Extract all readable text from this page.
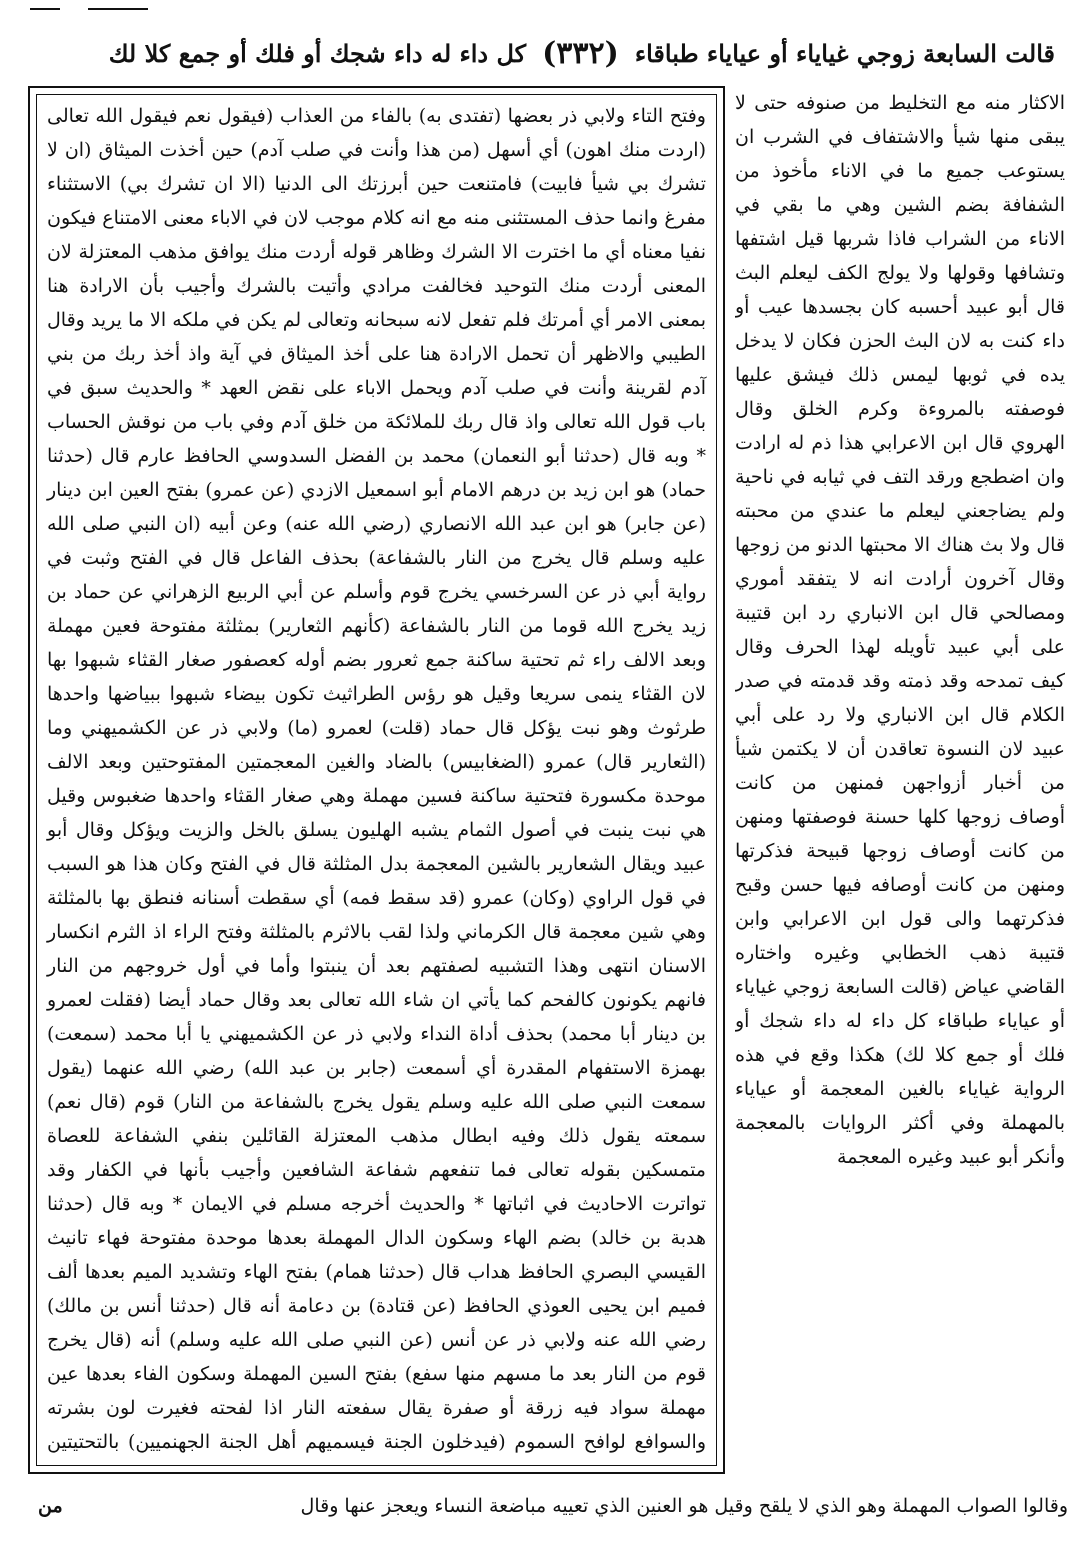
قالت السابعة زوجي غياياء أو عياياء طباقاء
(٣٣٢)
كل داء له داء شجك أو فلك أو جمع كلا لك

وفتح التاء ولابي ذر بعضها (تفتدى به) بالفاء من العذاب (فيقول نعم فيقول الله تعالى (اردت منك اهون) أي أسهل (من هذا وأنت في صلب آدم) حين أخذت الميثاق (ان لا تشرك بي شيأ فابيت) فامتنعت حين أبرزتك الى الدنيا (الا ان تشرك بي) الاستثناء مفرغ وانما حذف المستثنى منه مع انه كلام موجب لان في الاباء معنى الامتناع فيكون نفيا معناه أي ما اخترت الا الشرك وظاهر قوله أردت منك يوافق مذهب المعتزلة لان المعنى أردت منك التوحيد فخالفت مرادي وأتيت بالشرك وأجيب بأن الارادة هنا بمعنى الامر أي أمرتك فلم تفعل لانه سبحانه وتعالى لم يكن في ملكه الا ما يريد وقال الطيبي والاظهر أن تحمل الارادة هنا على أخذ الميثاق في آية واذ أخذ ربك من بني آدم لقرينة وأنت في صلب آدم ويحمل الاباء على نقض العهد * والحديث سبق في باب قول الله تعالى واذ قال ربك للملائكة من خلق آدم وفي باب من نوقش الحساب * وبه قال (حدثنا أبو النعمان) محمد بن الفضل السدوسي الحافظ عارم قال (حدثنا حماد) هو ابن زيد بن درهم الامام أبو اسمعيل الازدي (عن عمرو) بفتح العين ابن دينار (عن جابر) هو ابن عبد الله الانصاري (رضي الله عنه) وعن أبيه (ان النبي صلى الله عليه وسلم قال يخرج من النار بالشفاعة) بحذف الفاعل قال في الفتح وثبت في رواية أبي ذر عن السرخسي يخرج قوم وأسلم عن أبي الربيع الزهراني عن حماد بن زيد يخرج الله قوما من النار بالشفاعة (كأنهم الثعارير) بمثلثة مفتوحة فعين مهملة وبعد الالف راء ثم تحتية ساكنة جمع ثعرور بضم أوله كعصفور صغار القثاء شبهوا بها لان القثاء ينمى سريعا وقيل هو رؤس الطراثيث تكون بيضاء شبهوا ببياضها واحدها طرثوث وهو نبت يؤكل قال حماد (قلت) لعمرو (ما) ولابي ذر عن الكشميهني وما (الثعارير قال) عمرو (الضغابيس) بالضاد والغين المعجمتين المفتوحتين وبعد الالف موحدة مكسورة فتحتية ساكنة فسين مهملة وهي صغار القثاء واحدها ضغبوس وقيل هي نبت ينبت في أصول الثمام يشبه الهليون يسلق بالخل والزيت ويؤكل وقال أبو عبيد ويقال الشعارير بالشين المعجمة بدل المثلثة قال في الفتح وكان هذا هو السبب في قول الراوي (وكان) عمرو (قد سقط فمه) أي سقطت أسنانه فنطق بها بالمثلثة وهي شين معجمة قال الكرماني ولذا لقب بالاثرم بالمثلثة وفتح الراء اذ الثرم انكسار الاسنان انتهى وهذا التشبيه لصفتهم بعد أن ينبتوا وأما في أول خروجهم من النار فانهم يكونون كالفحم كما يأتي ان شاء الله تعالى بعد وقال حماد أيضا (فقلت لعمرو بن دينار أبا محمد) بحذف أداة النداء ولابي ذر عن الكشميهني يا أبا محمد (سمعت) بهمزة الاستفهام المقدرة أي أسمعت (جابر بن عبد الله) رضي الله عنهما (يقول سمعت النبي صلى الله عليه وسلم يقول يخرج بالشفاعة من النار) قوم (قال نعم) سمعته يقول ذلك وفيه ابطال مذهب المعتزلة القائلين بنفي الشفاعة للعصاة متمسكين بقوله تعالى فما تنفعهم شفاعة الشافعين وأجيب بأنها في الكفار وقد تواترت الاحاديث في اثباتها * والحديث أخرجه مسلم في الايمان * وبه قال (حدثنا هدبة بن خالد) بضم الهاء وسكون الدال المهملة بعدها موحدة مفتوحة فهاء تانيث القيسي البصري الحافظ هداب قال (حدثنا همام) بفتح الهاء وتشديد الميم بعدها ألف فميم ابن يحيى العوذي الحافظ (عن قتادة) بن دعامة أنه قال (حدثنا أنس بن مالك) رضي الله عنه ولابي ذر عن أنس (عن النبي صلى الله عليه وسلم) أنه (قال يخرج قوم من النار بعد ما مسهم منها سفع) بفتح السين المهملة وسكون الفاء بعدها عين مهملة سواد فيه زرقة أو صفرة يقال سفعته النار اذا لفحته فغيرت لون بشرته والسوافع لوافح السموم (فيدخلون الجنة فيسميهم أهل الجنة الجهنميين) بالتحتيتين

الاكثار منه مع التخليط من صنوفه حتى لا يبقى منها شيأ والاشتفاف في الشرب ان يستوعب جميع ما في الاناء مأخوذ من الشفافة بضم الشين وهي ما بقي في الاناء من الشراب فاذا شربها قيل اشتفها وتشافها وقولها ولا يولج الكف ليعلم البث قال أبو عبيد أحسبه كان بجسدها عيب أو داء كنت به لان البث الحزن فكان لا يدخل يده في ثوبها ليمس ذلك فيشق عليها فوصفته بالمروءة وكرم الخلق وقال الهروي قال ابن الاعرابي هذا ذم له ارادت وان اضطجع ورقد التف في ثيابه في ناحية ولم يضاجعني ليعلم ما عندي من محبته قال ولا بث هناك الا محبتها الدنو من زوجها وقال آخرون أرادت انه لا يتفقد أموري ومصالحي قال ابن الانباري رد ابن قتيبة على أبي عبيد تأويله لهذا الحرف وقال كيف تمدحه وقد ذمته وقد قدمته في صدر الكلام قال ابن الانباري ولا رد على أبي عبيد لان النسوة تعاقدن أن لا يكتمن شيأ من أخبار أزواجهن فمنهن من كانت أوصاف زوجها كلها حسنة فوصفتها ومنهن من كانت أوصاف زوجها قبيحة فذكرتها ومنهن من كانت أوصافه فيها حسن وقبح فذكرتهما والى قول ابن الاعرابي وابن قتيبة ذهب الخطابي وغيره واختاره القاضي عياض (قالت السابعة زوجي غياياء أو عياياء طباقاء كل داء له داء شجك أو فلك أو جمع كلا لك) هكذا وقع في هذه الرواية غياياء بالغين المعجمة أو عياياء بالمهملة وفي أكثر الروايات بالمعجمة وأنكر أبو عبيد وغيره المعجمة

وقالوا الصواب المهملة وهو الذي لا يلقح وقيل هو العنين الذي تعييه مباضعة النساء ويعجز عنها وقال
من
